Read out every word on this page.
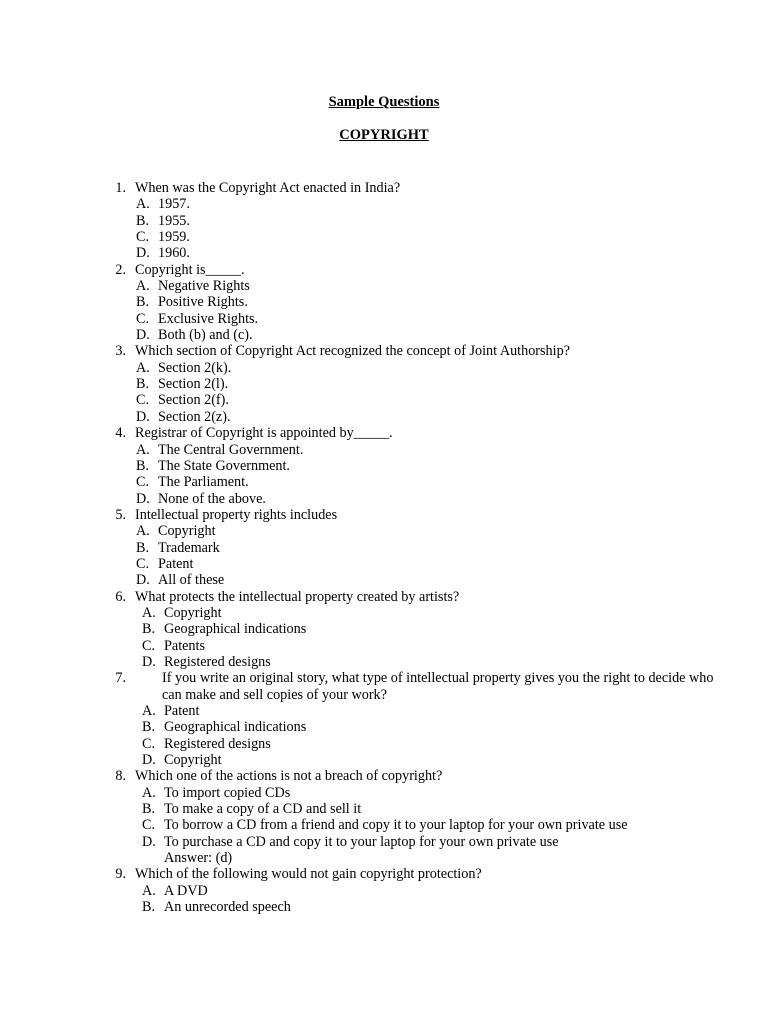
Sample Questions
COPYRIGHT
1. When was the Copyright Act enacted in India?
A. 1957.
B. 1955.
C. 1959.
D. 1960.
2. Copyright is_____.
A. Negative Rights
B. Positive Rights.
C. Exclusive Rights.
D. Both (b) and (c).
3. Which section of Copyright Act recognized the concept of Joint Authorship?
A. Section 2(k).
B. Section 2(l).
C. Section 2(f).
D. Section 2(z).
4. Registrar of Copyright is appointed by_____.
A. The Central Government.
B. The State Government.
C. The Parliament.
D. None of the above.
5. Intellectual property rights includes
A. Copyright
B. Trademark
C. Patent
D. All of these
6. What protects the intellectual property created by artists?
A. Copyright
B. Geographical indications
C. Patents
D. Registered designs
7.	If you write an original story, what type of intellectual property gives you the right to decide who can make and sell copies of your work?
A. Patent
B. Geographical indications
C. Registered designs
D. Copyright
8. Which one of the actions is not a breach of copyright?
A. To import copied CDs
B. To make a copy of a CD and sell it
C. To borrow a CD from a friend and copy it to your laptop for your own private use
D. To purchase a CD and copy it to your laptop for your own private use
Answer: (d)
9. Which of the following would not gain copyright protection?
A. A DVD
B. An unrecorded speech
